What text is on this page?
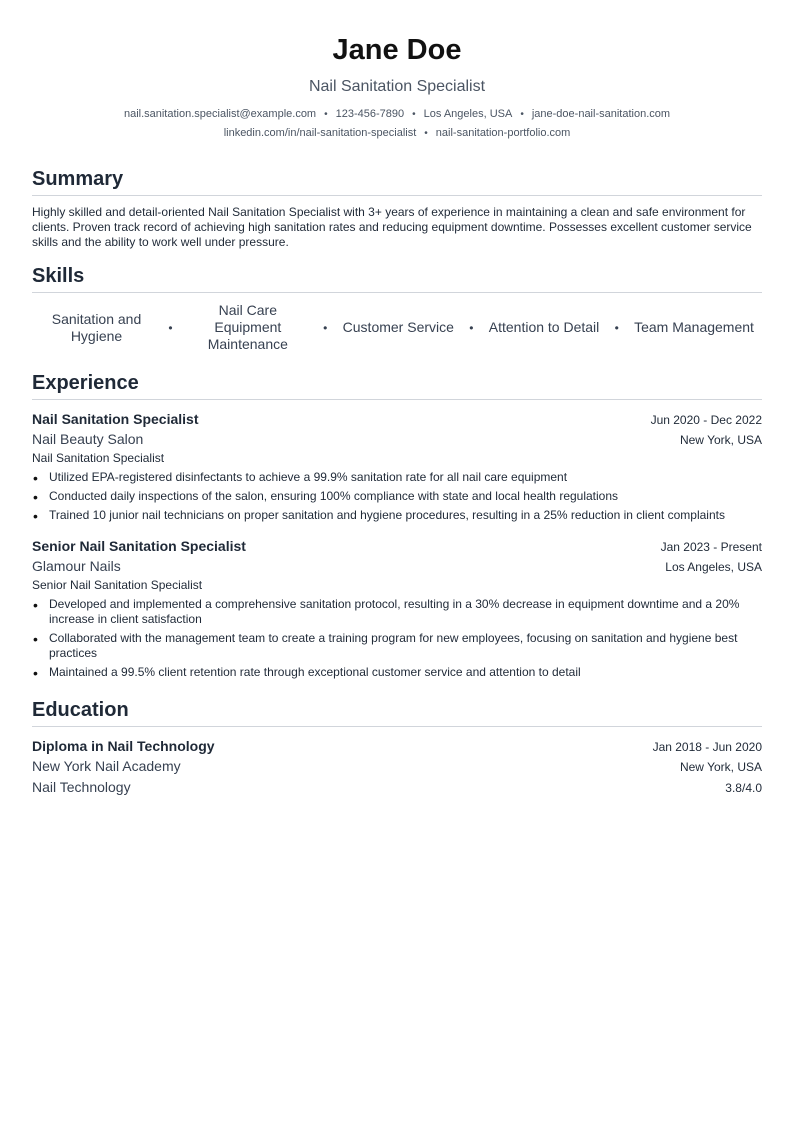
Jane Doe
Nail Sanitation Specialist
nail.sanitation.specialist@example.com • 123-456-7890 • Los Angeles, USA • jane-doe-nail-sanitation.com
linkedin.com/in/nail-sanitation-specialist • nail-sanitation-portfolio.com
Summary
Highly skilled and detail-oriented Nail Sanitation Specialist with 3+ years of experience in maintaining a clean and safe environment for clients. Proven track record of achieving high sanitation rates and reducing equipment downtime. Possesses excellent customer service skills and the ability to work well under pressure.
Skills
Sanitation and Hygiene	•
Nail Care Equipment Maintenance
• Customer Service • Attention to Detail • Team Management
Experience
Nail Sanitation Specialist	Jun 2020 - Dec 2022
Nail Beauty Salon	New York, USA
Nail Sanitation Specialist
• Utilized EPA-registered disinfectants to achieve a 99.9% sanitation rate for all nail care equipment
• Conducted daily inspections of the salon, ensuring 100% compliance with state and local health regulations
• Trained 10 junior nail technicians on proper sanitation and hygiene procedures, resulting in a 25% reduction in client complaints
Senior Nail Sanitation Specialist	Jan 2023 - Present
Glamour Nails	Los Angeles, USA
Senior Nail Sanitation Specialist
• Developed and implemented a comprehensive sanitation protocol, resulting in a 30% decrease in equipment downtime and a 20% increase in client satisfaction
• Collaborated with the management team to create a training program for new employees, focusing on sanitation and hygiene best practices
• Maintained a 99.5% client retention rate through exceptional customer service and attention to detail
Education
Diploma in Nail Technology	Jan 2018 - Jun 2020
New York Nail Academy	New York, USA
Nail Technology	3.8/4.0
